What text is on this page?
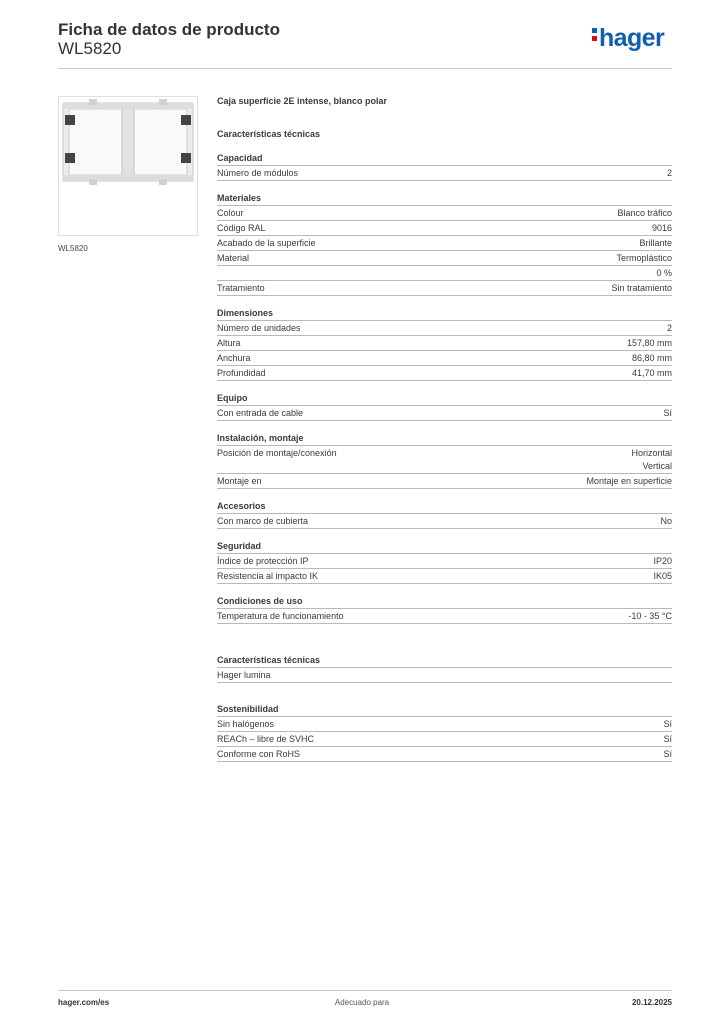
Ficha de datos de producto
WL5820	hager
WL5820
Caja superficie 2E intense, blanco polar
Características técnicas
Capacidad
Número de módulos	2
Materiales
Colour	Blanco tráfico
Código RAL	9016
Acabado de la superficie	Brillante
Material	Termoplástico
0 %
Tratamiento	Sin tratamiento
Dimensiones
Número de unidades	2
Altura	157,80 mm
Anchura	86,80 mm
Profundidad	41,70 mm
Equipo
Con entrada de cable	Sí
Instalación, montaje
Posición de montaje/conexión	Horizontal
Vertical
Montaje en	Montaje en superficie
Accesorios
Con marco de cubierta	No
Seguridad
Índice de protección IP	IP20
Resistencia al impacto IK	IK05
Condiciones de uso
Temperatura de funcionamiento	-10 - 35 °C
Características técnicas
Hager lumina
Sostenibilidad
Sin halógenos	Sí
REACh – libre de SVHC	Sí
Conforme con RoHS	Sí
hager.com/es	Adecuado para	20.12.2025
